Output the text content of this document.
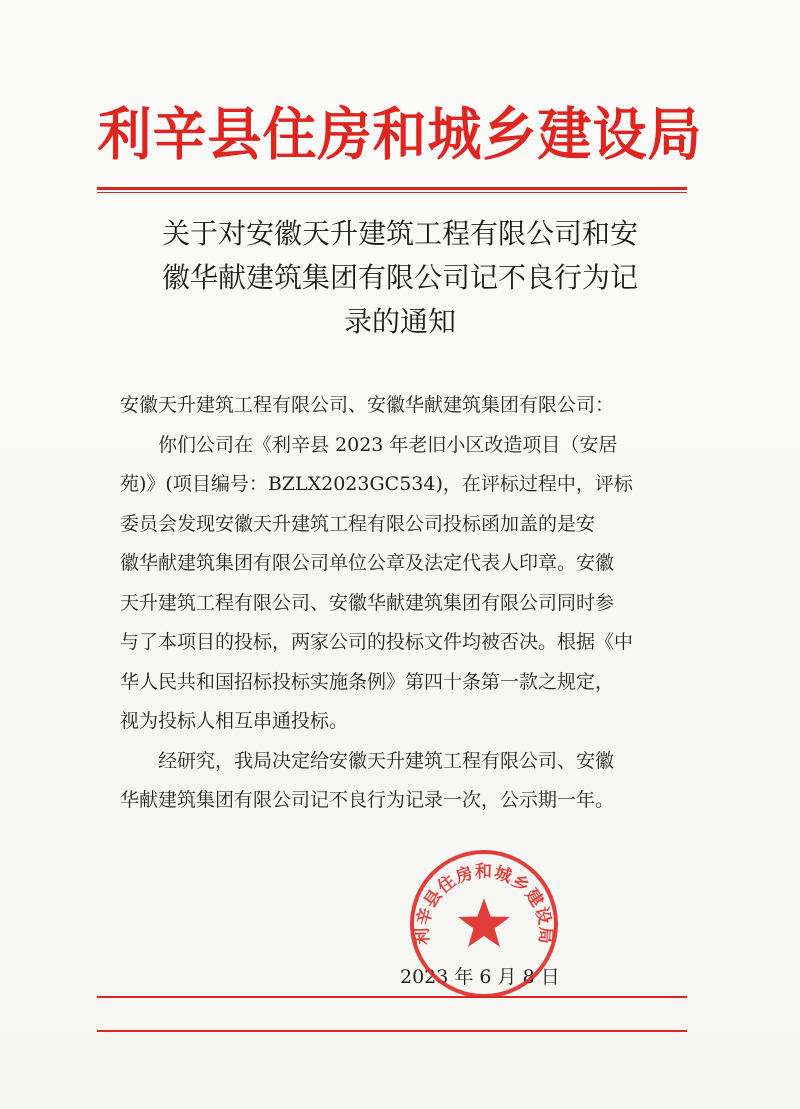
利辛县住房和城乡建设局
关于对安徽天升建筑工程有限公司和安
徽华献建筑集团有限公司记不良行为记
录的通知
安徽天升建筑工程有限公司、安徽华献建筑集团有限公司：
你们公司在《利辛县 2023 年老旧小区改造项目（安居
苑)》(项目编号：BZLX2023GC534)，在评标过程中，评标
委员会发现安徽天升建筑工程有限公司投标函加盖的是安
徽华献建筑集团有限公司单位公章及法定代表人印章。安徽
天升建筑工程有限公司、安徽华献建筑集团有限公司同时参
与了本项目的投标，两家公司的投标文件均被否决。根据《中
华人民共和国招标投标实施条例》第四十条第一款之规定，
视为投标人相互串通投标。
经研究，我局决定给安徽天升建筑工程有限公司、安徽
华献建筑集团有限公司记不良行为记录一次，公示期一年。
2023 年 6 月 8 日
利辛县住房和城乡建设局
